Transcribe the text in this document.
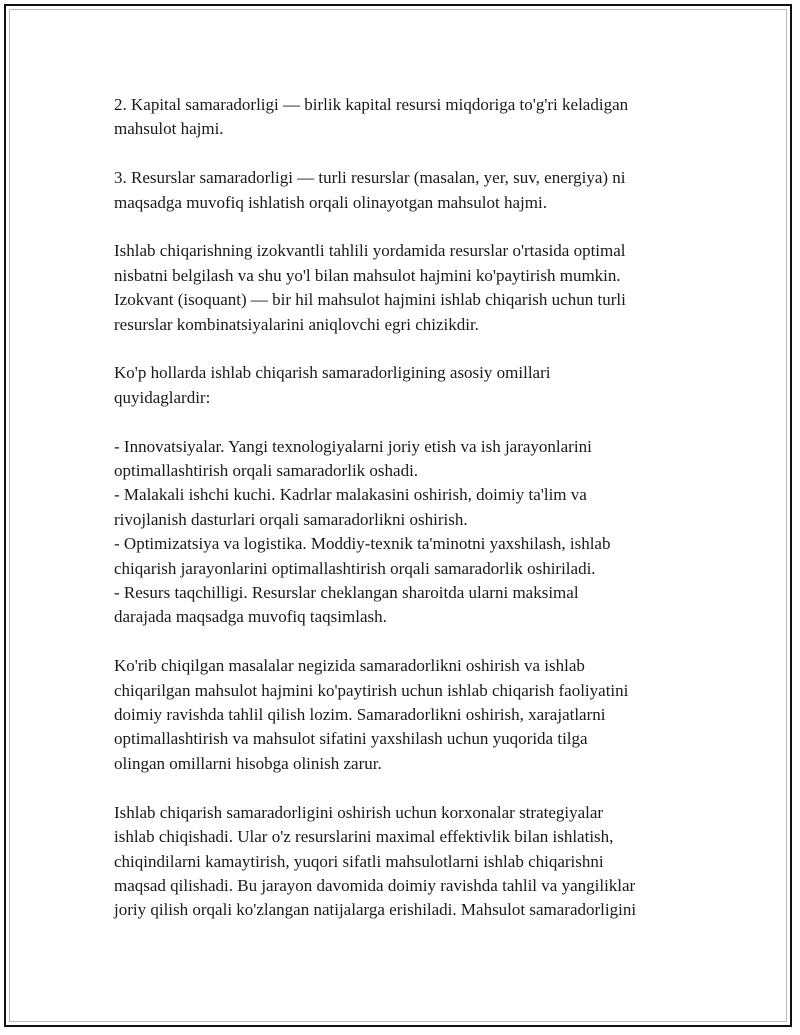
2. Kapital samaradorligi — birlik kapital resursi miqdoriga to'g'ri keladigan
mahsulot hajmi.

3. Resurslar samaradorligi — turli resurslar (masalan, yer, suv, energiya) ni
maqsadga muvofiq ishlatish orqali olinayotgan mahsulot hajmi.

Ishlab chiqarishning izokvantli tahlili yordamida resurslar o'rtasida optimal
nisbatni belgilash va shu yo'l bilan mahsulot hajmini ko'paytirish mumkin.
Izokvant (isoquant) — bir hil mahsulot hajmini ishlab chiqarish uchun turli
resurslar kombinatsiyalarini aniqlovchi egri chizikdir.

Ko'p hollarda ishlab chiqarish samaradorligining asosiy omillari
quyidaglardir:

- Innovatsiyalar. Yangi texnologiyalarni joriy etish va ish jarayonlarini
optimallashtirish orqali samaradorlik oshadi.
- Malakali ishchi kuchi. Kadrlar malakasini oshirish, doimiy ta'lim va
rivojlanish dasturlari orqali samaradorlikni oshirish.
- Optimizatsiya va logistika. Moddiy-texnik ta'minotni yaxshilash, ishlab
chiqarish jarayonlarini optimallashtirish orqali samaradorlik oshiriladi.
- Resurs taqchilligi. Resurslar cheklangan sharoitda ularni maksimal
darajada maqsadga muvofiq taqsimlash.

Ko'rib chiqilgan masalalar negizida samaradorlikni oshirish va ishlab
chiqarilgan mahsulot hajmini ko'paytirish uchun ishlab chiqarish faoliyatini
doimiy ravishda tahlil qilish lozim. Samaradorlikni oshirish, xarajatlarni
optimallashtirish va mahsulot sifatini yaxshilash uchun yuqorida tilga
olingan omillarni hisobga olinish zarur.

Ishlab chiqarish samaradorligini oshirish uchun korxonalar strategiyalar
ishlab chiqishadi. Ular o'z resurslarini maximal effektivlik bilan ishlatish,
chiqindilarni kamaytirish, yuqori sifatli mahsulotlarni ishlab chiqarishni
maqsad qilishadi. Bu jarayon davomida doimiy ravishda tahlil va yangiliklar
joriy qilish orqali ko'zlangan natijalarga erishiladi. Mahsulot samaradorligini
